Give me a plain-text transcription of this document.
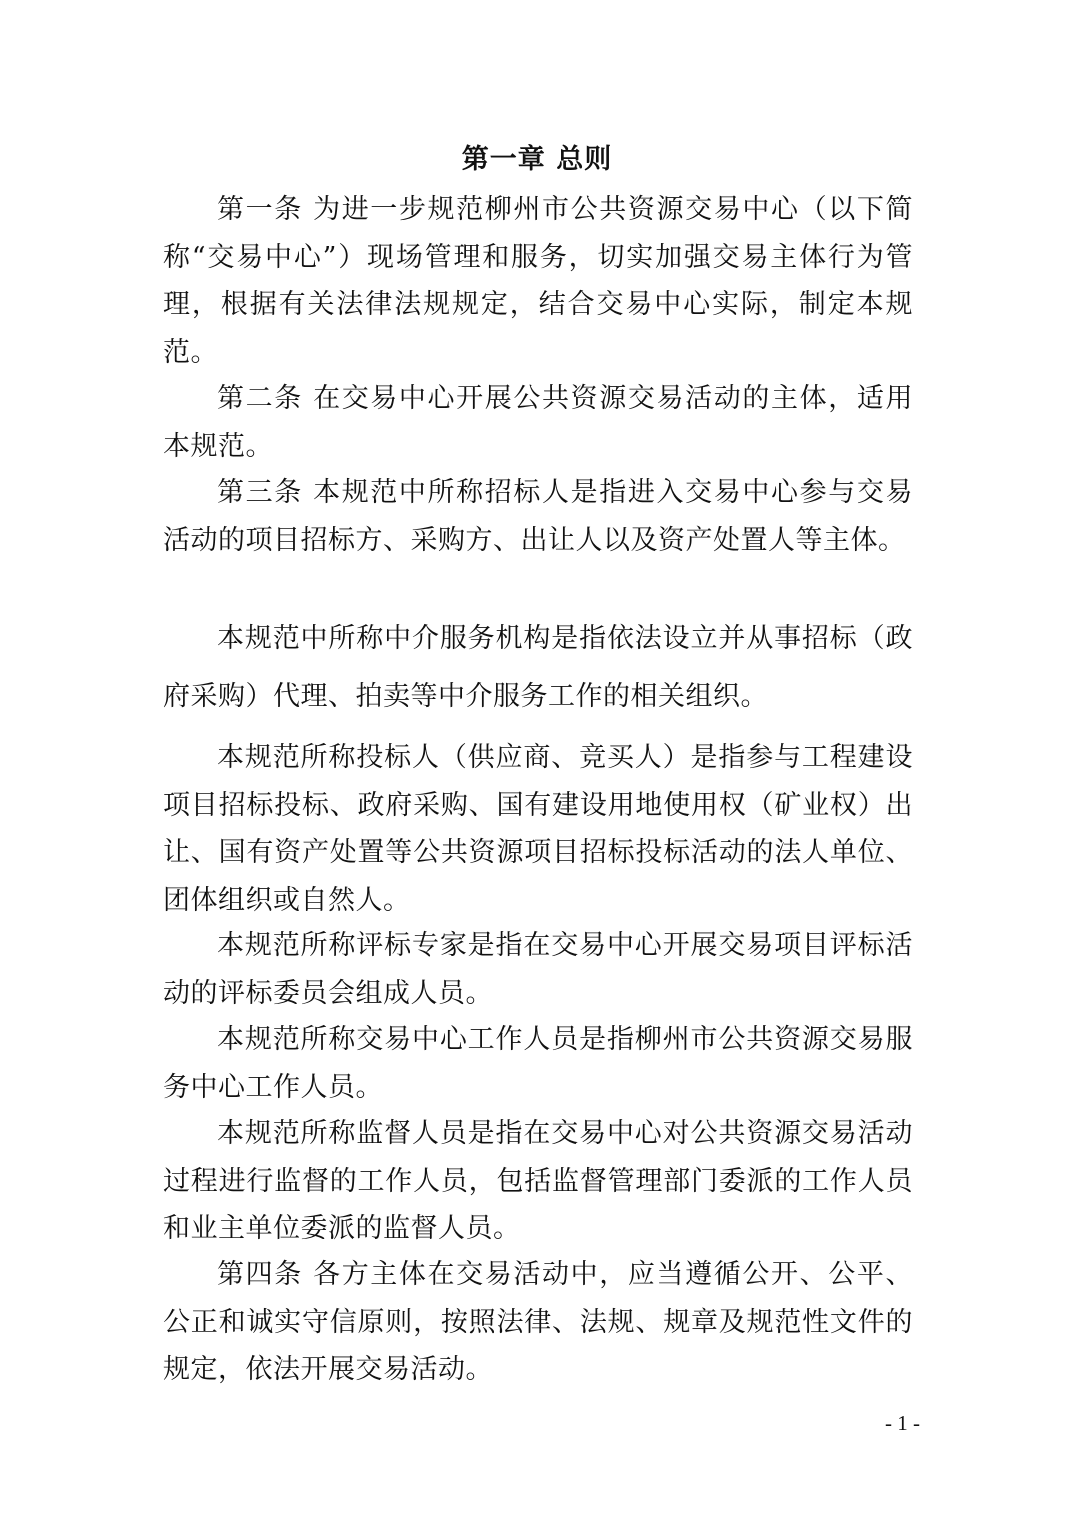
第一章 总则

第一条 为进一步规范柳州市公共资源交易中心（以下简称“交易中心”）现场管理和服务，切实加强交易主体行为管理，根据有关法律法规规定，结合交易中心实际，制定本规范。

第二条 在交易中心开展公共资源交易活动的主体，适用本规范。

第三条 本规范中所称招标人是指进入交易中心参与交易活动的项目招标方、采购方、出让人以及资产处置人等主体。

本规范中所称中介服务机构是指依法设立并从事招标（政府采购）代理、拍卖等中介服务工作的相关组织。

本规范所称投标人（供应商、竞买人）是指参与工程建设项目招标投标、政府采购、国有建设用地使用权（矿业权）出让、国有资产处置等公共资源项目招标投标活动的法人单位、团体组织或自然人。

本规范所称评标专家是指在交易中心开展交易项目评标活动的评标委员会组成人员。

本规范所称交易中心工作人员是指柳州市公共资源交易服务中心工作人员。

本规范所称监督人员是指在交易中心对公共资源交易活动过程进行监督的工作人员，包括监督管理部门委派的工作人员和业主单位委派的监督人员。

第四条 各方主体在交易活动中，应当遵循公开、公平、公正和诚实守信原则，按照法律、法规、规章及规范性文件的规定，依法开展交易活动。

- 1 -
